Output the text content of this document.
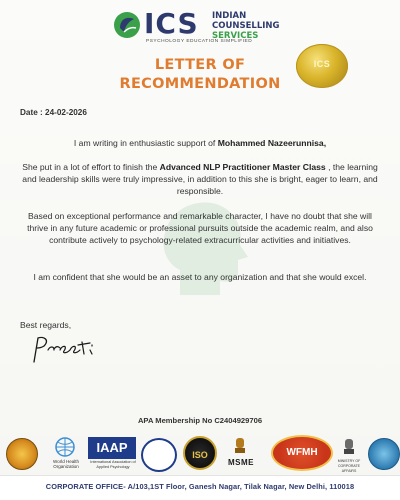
ICS INDIAN
COUNSELLING
SERVICES
PSYCHOLOGY EDUCATION SIMPLIFIED
LETTER OF
RECOMMENDATION
ICS
Date : 24-02-2026
I am writing in enthusiastic support of Mohammed Nazeerunnisa,
She put in a lot of effort to finish the Advanced NLP Practitioner Master Class , the learning and leadership skills were truly impressive, in addition to this she is bright, eager to learn, and responsible.
Based on exceptional performance and remarkable character, I have no doubt that she will thrive in any future academic or professional pursuits outside the academic realm, and also contribute actively to psychology-related extracurricular activities and initiatives.
I am confident that she would be an asset to any organization and that she would excel.
Best regards,
APA Membership No C2404929706
World Health Organization
IAAP
International Association of Applied Psychology
ISO
MSME
WFMH
MINISTRY OF CORPORATE AFFAIRS
CORPORATE OFFICE- A/103,1ST Floor, Ganesh Nagar, Tilak Nagar, New Delhi, 110018
